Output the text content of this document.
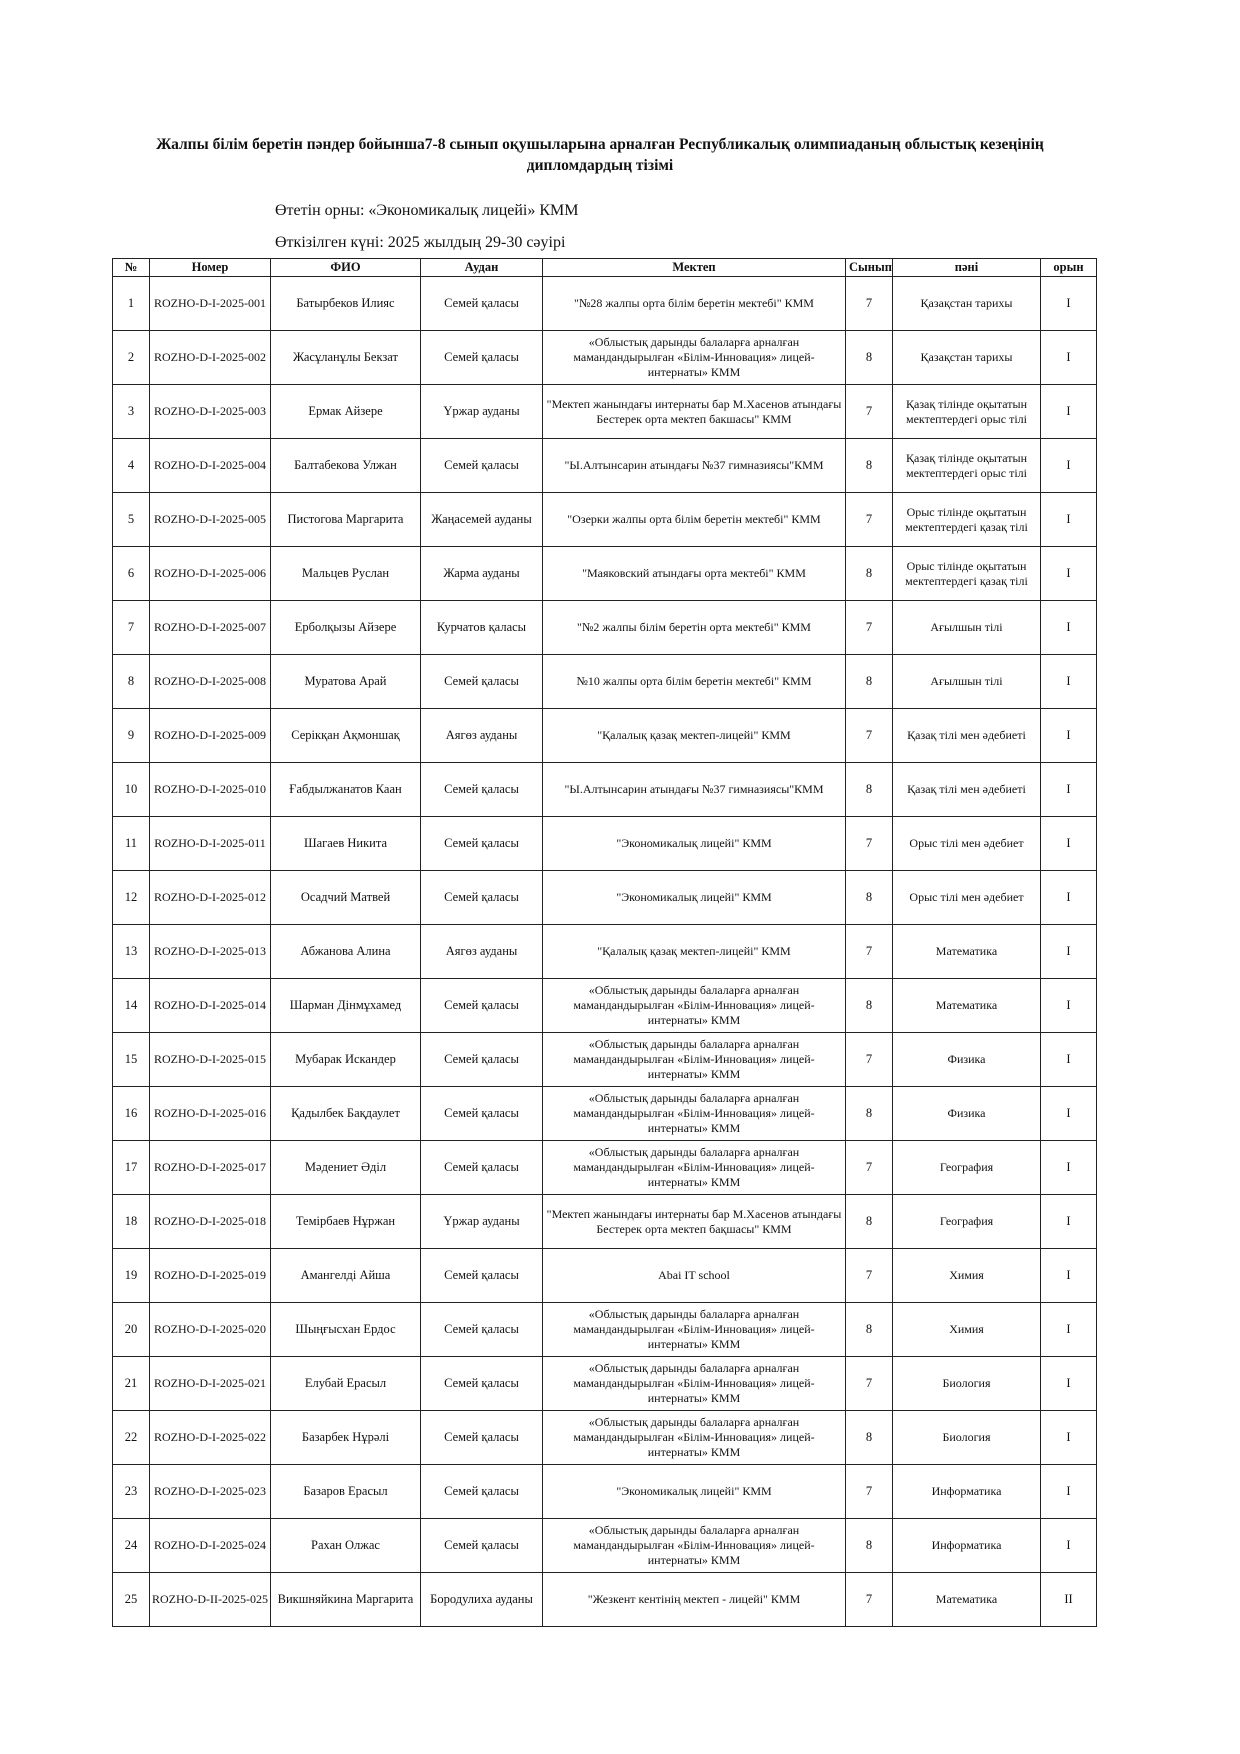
Жалпы білім беретін пәндер бойынша7-8 сынып оқушыларына арналған Республикалық олимпиаданың облыстық кезеңінің дипломдардың тізімі
Өтетін орны: «Экономикалық лицейі» КММ
Өткізілген күні: 2025 жылдың 29-30 сәуірі
№	Номер	ФИО	Аудан	Мектеп	Сынып	пәні	орын
1	ROZHO-D-I-2025-001	Батырбеков Илияс	Семей қаласы	"№28 жалпы орта білім беретін мектебі" КММ	7	Қазақстан тарихы	I
2	ROZHO-D-I-2025-002	Жасұланұлы Бекзат	Семей қаласы	«Облыстық дарынды балаларға арналған мамандандырылған «Білім-Инновация» лицей-интернаты» КММ	8	Қазақстан тарихы	I
3	ROZHO-D-I-2025-003	Ермак Айзере	Үржар ауданы	"Мектеп жанындағы интернаты бар М.Хасенов атындағы Бестерек орта мектеп бакшасы" КММ	7	Қазақ тілінде оқытатын мектептердегі орыс тілі	I
4	ROZHO-D-I-2025-004	Балтабекова Улжан	Семей қаласы	"Ы.Алтынсарин атындағы №37 гимназиясы"КММ	8	Қазақ тілінде оқытатын мектептердегі орыс тілі	I
5	ROZHO-D-I-2025-005	Пистогова Маргарита	Жаңасемей ауданы	"Озерки жалпы орта білім беретін мектебі" КММ	7	Орыс тілінде оқытатын мектептердегі қазақ тілі	I
6	ROZHO-D-I-2025-006	Мальцев Руслан	Жарма ауданы	"Маяковский атындағы орта мектебі" КММ	8	Орыс тілінде оқытатын мектептердегі қазақ тілі	I
7	ROZHO-D-I-2025-007	Ерболқызы Айзере	Курчатов қаласы	"№2 жалпы білім беретін орта мектебі" КММ	7	Ағылшын тілі	I
8	ROZHO-D-I-2025-008	Муратова Арай	Семей қаласы	№10 жалпы орта білім беретін мектебі" КММ	8	Ағылшын тілі	I
9	ROZHO-D-I-2025-009	Серікқан Ақмоншақ	Аягөз ауданы	"Қалалық қазақ мектеп-лицейі" КММ	7	Қазақ тілі мен әдебиеті	I
10	ROZHO-D-I-2025-010	Ғабдылжанатов Каан	Семей қаласы	"Ы.Алтынсарин атындағы №37 гимназиясы"КММ	8	Қазақ тілі мен әдебиеті	I
11	ROZHO-D-I-2025-011	Шагаев Никита	Семей қаласы	"Экономикалық лицейі" КММ	7	Орыс тілі мен әдебиет	I
12	ROZHO-D-I-2025-012	Осадчий Матвей	Семей қаласы	"Экономикалық лицейі" КММ	8	Орыс тілі мен әдебиет	I
13	ROZHO-D-I-2025-013	Абжанова Алина	Аягөз ауданы	"Қалалық қазақ мектеп-лицейі" КММ	7	Математика	I
14	ROZHO-D-I-2025-014	Шарман Дінмұхамед	Семей қаласы	«Облыстық дарынды балаларға арналған мамандандырылған «Білім-Инновация» лицей-интернаты» КММ	8	Математика	I
15	ROZHO-D-I-2025-015	Мубарак Искандер	Семей қаласы	«Облыстық дарынды балаларға арналған мамандандырылған «Білім-Инновация» лицей-интернаты» КММ	7	Физика	I
16	ROZHO-D-I-2025-016	Қадылбек Бақдаулет	Семей қаласы	«Облыстық дарынды балаларға арналған мамандандырылған «Білім-Инновация» лицей-интернаты» КММ	8	Физика	I
17	ROZHO-D-I-2025-017	Мәдениет Әділ	Семей қаласы	«Облыстық дарынды балаларға арналған мамандандырылған «Білім-Инновация» лицей-интернаты» КММ	7	География	I
18	ROZHO-D-I-2025-018	Темірбаев Нұржан	Үржар ауданы	"Мектеп жанындағы интернаты бар М.Хасенов атындағы Бестерек орта мектеп бақшасы" КММ	8	География	I
19	ROZHO-D-I-2025-019	Амангелді Айша	Семей қаласы	Abai IT school	7	Химия	I
20	ROZHO-D-I-2025-020	Шыңғысхан Ердос	Семей қаласы	«Облыстық дарынды балаларға арналған мамандандырылған «Білім-Инновация» лицей-интернаты» КММ	8	Химия	I
21	ROZHO-D-I-2025-021	Елубай Ерасыл	Семей қаласы	«Облыстық дарынды балаларға арналған мамандандырылған «Білім-Инновация» лицей-интернаты» КММ	7	Биология	I
22	ROZHO-D-I-2025-022	Базарбек Нұрәлі	Семей қаласы	«Облыстық дарынды балаларға арналған мамандандырылған «Білім-Инновация» лицей-интернаты» КММ	8	Биология	I
23	ROZHO-D-I-2025-023	Базаров Ерасыл	Семей қаласы	"Экономикалық лицейі" КММ	7	Информатика	I
24	ROZHO-D-I-2025-024	Рахан Олжас	Семей қаласы	«Облыстық дарынды балаларға арналған мамандандырылған «Білім-Инновация» лицей-интернаты» КММ	8	Информатика	I
25	ROZHO-D-II-2025-025	Викшняйкина Маргарита	Бородулиха ауданы	"Жезкент кентінің мектеп - лицейі" КММ	7	Математика	II
